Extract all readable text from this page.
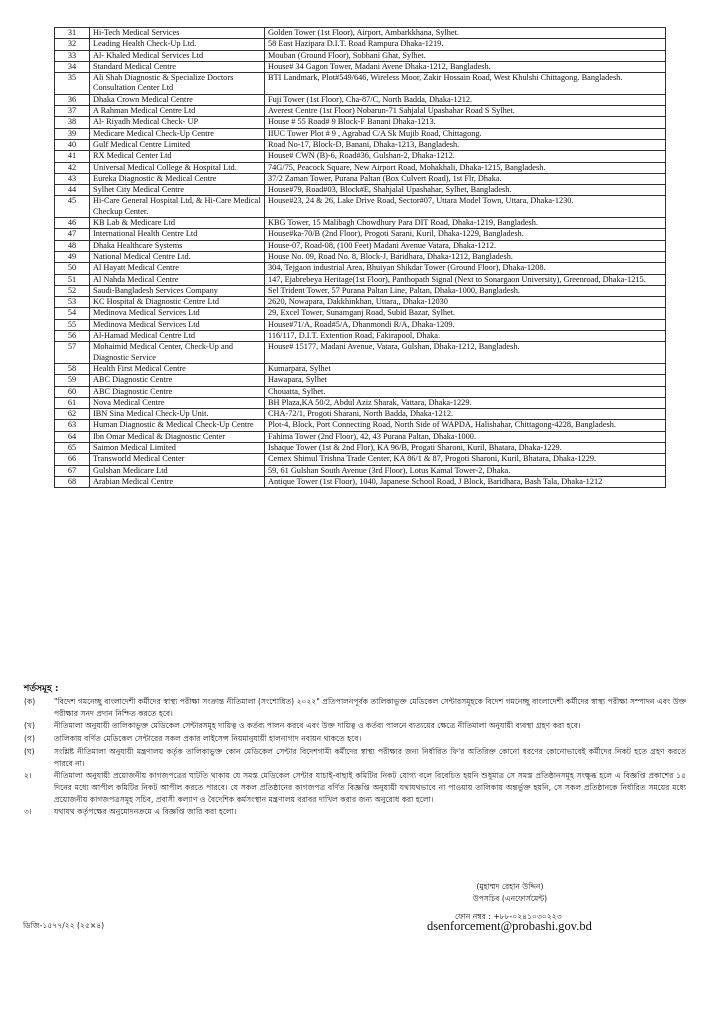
31	Hi-Tech Medical Services	Golden Tower (1st Floor), Airport, Ambarkkhana, Sylhet.
32	Leading Health Check-Up Ltd.	58 East Hazipara D.I.T. Road Rampura Dhaka-1219.
33	Al- Khaled Medical Services Ltd	Mouban (Ground Floor), Sobhani Ghat, Sylhet.
34	Standard Medical Centre	House# 34 Gagon Tower, Madani Avene Dhaka-1212, Bangladesh.
35	Ali Shah Diagnostic & Specialize Doctors Consultation Center Ltd	BTI Landmark, Plot#549/646, Wireless Moor, Zakir Hossain Road, West Khulshi Chittagong. Bangladesh.
36	Dhaka Crown Medical Centre	Fuji Tower (1st Floor), Cha-87/C, North Badda, Dhaka-1212.
37	A Rahman Medical Centre Ltd	Averest Centre (1st Floor) Nobarun-71 Sahjalal Upashahar Road S Sylhet.
38	Al- Riyadh Medical Check- UP	House # 55 Road# 9 Block-F Banani Dhaka-1213.
39	Medicare Medical Check-Up Centre	IIUC Tower Plot # 9 , Agrabad C/A Sk Mujib Road, Chittagong.
40	Gulf Medical Centre Limited	Road No-17, Block-D, Banani, Dhaka-1213, Bangladesh.
41	RX Medical Center Ltd	House# CWN (B)-6, Road#36, Gulshan-2, Dhaka-1212.
42	Universal Medical College & Hospital Ltd.	74G/75, Peacock Square, New Airport Road, Mohakhali, Dhaka-1215, Bangladesh.
43	Eureka Diagnostic & Medical Centre	37/2 Zaman Tower, Purana Paltan (Box Culvert Road), 1st Flr, Dhaka.
44	Sylhet City Medical Centre	House#79, Road#03, Block#E, Shahjalal Upashahar, Sylhet, Bangladesh.
45	Hi-Care General Hospital Ltd, & Hi-Care Medical Checkup Center.	House#23, 24 & 26, Lake Drive Road, Sector#07, Uttara Model Town, Uttara, Dhaka-1230.
46	KB Lab & Medicare Ltd	KBG Tower, 15 Malibagh Chowdhury Para DIT Road, Dhaka-1219, Bangladesh.
47	International Health Centre Ltd	House#ka-70/B (2nd Floor), Progoti Sarani, Kuril, Dhaka-1229, Bangladesh.
48	Dhaka Healthcare Systems	House-07, Road-08, (100 Feet) Madani Avenue Vatara, Dhaka-1212.
49	National Medical Centre Ltd.	House No. 09, Road No. 8, Block-J, Baridhara, Dhaka-1212, Bangladesh.
50	Al Hayatt Medical Centre	304, Tejgaon industrial Area, Bhuiyan Shikdar Tower (Ground Floor), Dhaka-1208.
51	Al Nahda Medical Centre	147, Ejabrebeya Heritage(1st Floor), Panthopath Signal (Next to Sonargaon University), Greenroad, Dhaka-1215.
52	Saudi-Bangladesh Services Company	Sel Trident Tower, 57 Purana Paltan Line, Paltan, Dhaka-1000, Bangladesh.
53	KC Hospital & Diagnostic Centre Ltd	2620, Nowapara, Dakkhinkhan, Uttara,, Dhaka-12030
54	Medinova Medical Services Ltd	29, Excel Tower, Sunamganj Road, Subid Bazar, Sylhet.
55	Medinova Medical Services Ltd	House#71/A, Road#5/A, Dhanmondi R/A, Dhaka-1209.
56	Al-Hamad Medical Centre Ltd	116/117, D.I.T. Extention Road, Fakirapool, Dhaka.
57	Mohaimid Medical Center, Check-Up and Diagnostic Service	House# 15177, Madani Avenue, Vatara, Gulshan, Dhaka-1212, Bangladesh.
58	Health First Medical Centre	Kumarpara, Sylhet
59	ABC Diagnostic Centre	Hawapara, Sylhet
60	ABC Diagnostic Centre	Chouatta, Sylhet.
61	Nova Medical Centre	BH Plaza,KA 50/2, Abdul Aziz Sharak, Vattara, Dhaka-1229.
62	IBN Sina Medical Check-Up Unit.	CHA-72/1, Progoti Sharani, North Badda, Dhaka-1212.
63	Human Diagnostic & Medical Check-Up Centre	Plot-4, Block, Port Connecting Road, North Side of WAPDA, Halishahar, Chittagong-4228, Bangladesh.
64	Ibn Omar Medical & Diagnostic Center	Fahima Tower (2nd Floor), 42, 43 Purana Paltan, Dhaka-1000.
65	Saimon Medical Limited	Ishaque Tower (1st & 2nd Flor), KA 96/B, Progati Sharoni, Kuril, Bhatara, Dhaka-1229.
66	Transworld Medical Center	Cemex Shimul Trishna Trade Center, KA 86/1 & 87, Progoti Sharoni, Kuril, Bhatara, Dhaka-1229.
67	Gulshan Medicare Ltd	59, 61 Gulshan South Avenue (3rd Floor), Lotus Kamal Tower-2, Dhaka.
68	Arabian Medical Centre	Antique Tower (1st Floor), 1040, Japanese School Road, J Block, Baridhara, Bash Tala, Dhaka-1212
শর্তসমূহ :
(ক)	"বিদেশ গমনেচ্ছু বাংলাদেশী কর্মীদের স্বাস্থ্য পরীক্ষা সংক্রান্ত নীতিমালা (সংশোধিত) ২০২২" প্রতিপালনপূর্বক তালিকাভুক্ত মেডিকেল সেন্টারসমূহকে বিদেশ গমনেচ্ছু বাংলাদেশী কর্মীদের স্বাস্থ্য পরীক্ষা সম্পাদন এবং উক্ত পরীক্ষার সনদ প্রদান নিশ্চিত করতে হবে।
(খ)	নীতিমালা অনুযায়ী তালিকাভুক্ত মেডিকেল সেন্টারসমূহ দায়িত্ব ও কর্তব্য পালন করবে এবং উক্ত দায়িত্ব ও কর্তব্য পালনে ব্যত্যয়ের ক্ষেত্রে নীতিমালা অনুযায়ী ব্যবস্থা গ্রহণ করা হবে।
(গ)	তালিকায় বর্ণিত মেডিকেল সেন্টারের সকল প্রকার লাইসেন্স নিয়মানুযায়ী হালনাগাদ নবায়ন থাকতে হবে।
(ঘ)	সংশ্লিষ্ট নীতিমালা অনুযায়ী মন্ত্রণালয় কর্তৃক তালিকাভুক্ত কোন মেডিকেল সেন্টার বিদেশগামী কর্মীদের স্বাস্থ্য পরীক্ষার জন্য নির্ধারিত ফি'র অতিরিক্ত কোনো ধরণের কোনোভাবেই কর্মীদের নিকট হতে গ্রহণ করতে পারবে না।
২।	নীতিমালা অনুযায়ী প্রয়োজনীয় কাগজপত্রের ঘাটতি থাকায় যে সমস্ত মেডিকেল সেন্টার যাচাই-বাছাই কমিটির নিকট যোগ্য বলে বিবেচিত হয়নি শুধুমাত্র সে সমস্ত প্রতিষ্ঠানসমূহ সংক্ষুব্ধ হলে এ বিজ্ঞপ্তি প্রকাশের ১৫ দিনের মধ্যে আপীল কমিটির নিকট আপীল করতে পারবে। যে সকল প্রতিষ্ঠানের কাগজপত্র বর্ণিত বিজ্ঞপ্তি অনুযায়ী যথাযথভাবে না পাওয়ায় তালিকায় অন্তর্ভুক্ত হয়নি, সে সকল প্রতিষ্ঠানকে নির্ধারিত সময়ের মধ্যে প্রয়োজনীয় কাগজপত্রসমূহ সচিব, প্রবাসী কল্যাণ ও বৈদেশিক কর্মসংস্থান মন্ত্রণালয় বরাবর দাখিল করার জন্য অনুরোধ করা হলো।
৩।	যথাযথ কর্তৃপক্ষের অনুমোদনক্রমে এ বিজ্ঞপ্তি জারি করা হলো।
(মুহাম্মদ রেহান উদ্দিন)
উপসচিব (এনফোর্সমেন্ট)
ফোন নম্বর : +৮৮-০২৪১০৩০২২৩
ডিজি-১৫৭৭/২২ (২৫×৪)	dsenforcement@probashi.gov.bd
